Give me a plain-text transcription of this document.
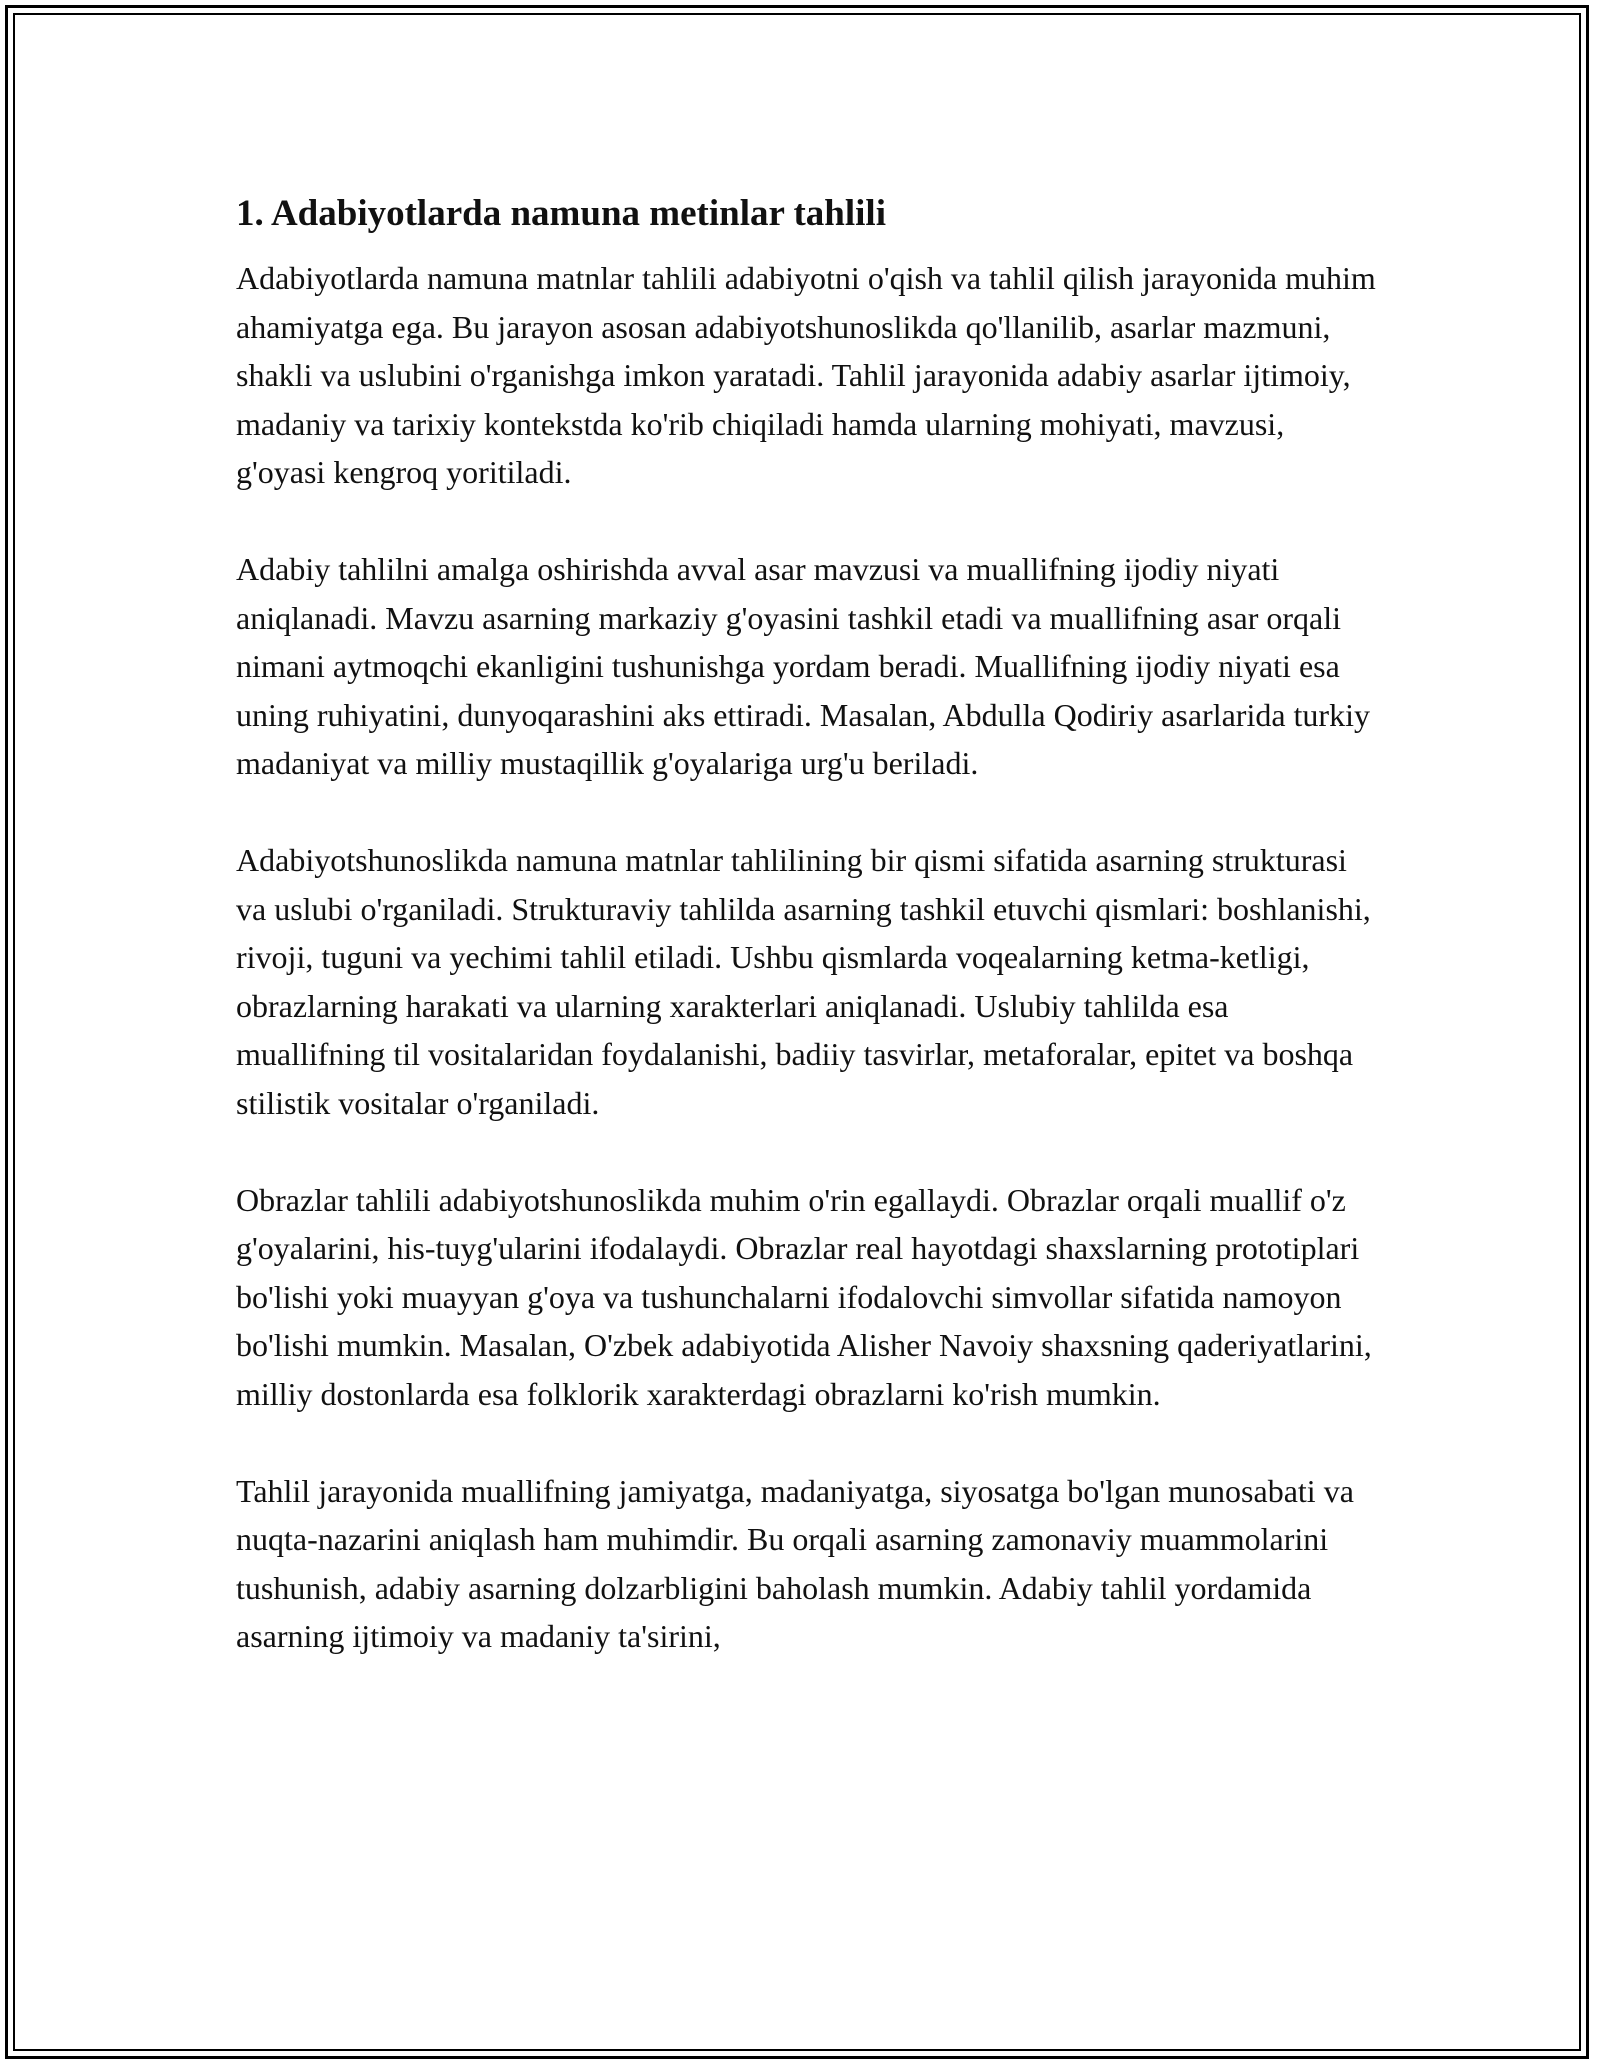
1. Adabiyotlarda namuna metinlar tahlili

Adabiyotlarda namuna matnlar tahlili adabiyotni o'qish va tahlil qilish jarayonida muhim ahamiyatga ega. Bu jarayon asosan adabiyotshunoslikda qo'llanilib, asarlar mazmuni, shakli va uslubini o'rganishga imkon yaratadi. Tahlil jarayonida adabiy asarlar ijtimoiy, madaniy va tarixiy kontekstda ko'rib chiqiladi hamda ularning mohiyati, mavzusi, g'oyasi kengroq yoritiladi.

Adabiy tahlilni amalga oshirishda avval asar mavzusi va muallifning ijodiy niyati aniqlanadi. Mavzu asarning markaziy g'oyasini tashkil etadi va muallifning asar orqali nimani aytmoqchi ekanligini tushunishga yordam beradi. Muallifning ijodiy niyati esa uning ruhiyatini, dunyoqarashini aks ettiradi. Masalan, Abdulla Qodiriy asarlarida turkiy madaniyat va milliy mustaqillik g'oyalariga urg'u beriladi.

Adabiyotshunoslikda namuna matnlar tahlilining bir qismi sifatida asarning strukturasi va uslubi o'rganiladi. Strukturaviy tahlilda asarning tashkil etuvchi qismlari: boshlanishi, rivoji, tuguni va yechimi tahlil etiladi. Ushbu qismlarda voqealarning ketma-ketligi, obrazlarning harakati va ularning xarakterlari aniqlanadi. Uslubiy tahlilda esa muallifning til vositalaridan foydalanishi, badiiy tasvirlar, metaforalar, epitet va boshqa stilistik vositalar o'rganiladi.

Obrazlar tahlili adabiyotshunoslikda muhim o'rin egallaydi. Obrazlar orqali muallif o'z g'oyalarini, his-tuyg'ularini ifodalaydi. Obrazlar real hayotdagi shaxslarning prototiplari bo'lishi yoki muayyan g'oya va tushunchalarni ifodalovchi simvollar sifatida namoyon bo'lishi mumkin. Masalan, O'zbek adabiyotida Alisher Navoiy shaxsning qaderiyatlarini, milliy dostonlarda esa folklorik xarakterdagi obrazlarni ko'rish mumkin.

Tahlil jarayonida muallifning jamiyatga, madaniyatga, siyosatga bo'lgan munosabati va nuqta-nazarini aniqlash ham muhimdir. Bu orqali asarning zamonaviy muammolarini tushunish, adabiy asarning dolzarbligini baholash mumkin. Adabiy tahlil yordamida asarning ijtimoiy va madaniy ta'sirini,
